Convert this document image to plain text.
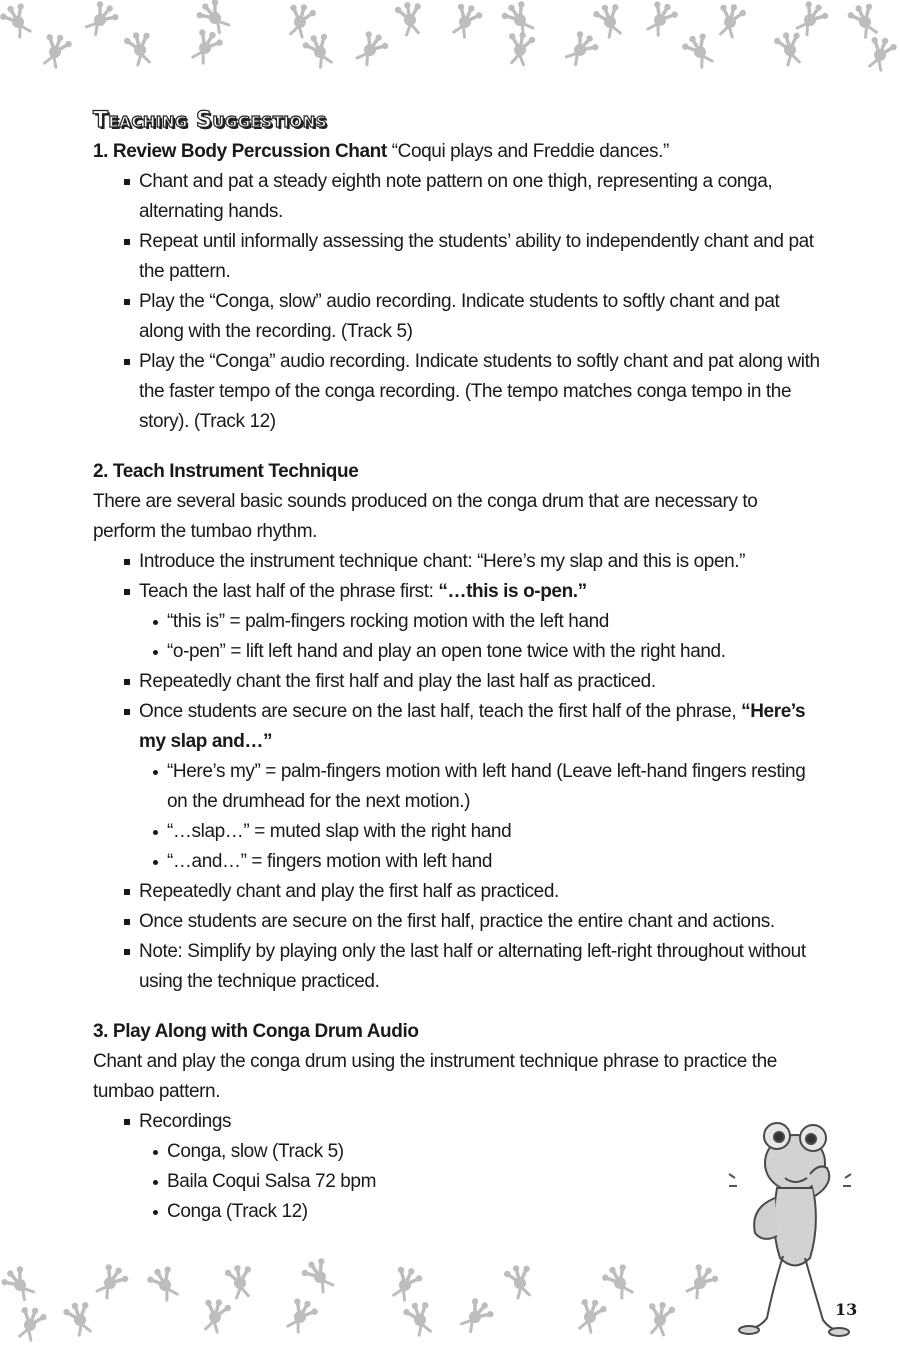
Teaching Suggestions
1. Review Body Percussion Chant “Coqui plays and Freddie dances.”
Chant and pat a steady eighth note pattern on one thigh, representing a conga, alternating hands.
Repeat until informally assessing the students’ ability to independently chant and pat the pattern.
Play the “Conga, slow” audio recording. Indicate students to softly chant and pat along with the recording. (Track 5)
Play the “Conga” audio recording. Indicate students to softly chant and pat along with the faster tempo of the conga recording. (The tempo matches conga tempo in the story). (Track 12)
2. Teach Instrument Technique
There are several basic sounds produced on the conga drum that are necessary to perform the tumbao rhythm.
Introduce the instrument technique chant: “Here’s my slap and this is open.”
Teach the last half of the phrase first: “…this is o-pen.”
“this is” = palm-fingers rocking motion with the left hand
“o-pen” = lift left hand and play an open tone twice with the right hand.
Repeatedly chant the first half and play the last half as practiced.
Once students are secure on the last half, teach the first half of the phrase, “Here’s my slap and…”
“Here’s my” = palm-fingers motion with left hand (Leave left-hand fingers resting on the drumhead for the next motion.)
“…slap…” = muted slap with the right hand
“…and…” = fingers motion with left hand
Repeatedly chant and play the first half as practiced.
Once students are secure on the first half, practice the entire chant and actions.
Note: Simplify by playing only the last half or alternating left-right throughout without using the technique practiced.
3. Play Along with Conga Drum Audio
Chant and play the conga drum using the instrument technique phrase to practice the tumbao pattern.
Recordings
Conga, slow (Track 5)
Baila Coqui Salsa 72 bpm
Conga (Track 12)
13
